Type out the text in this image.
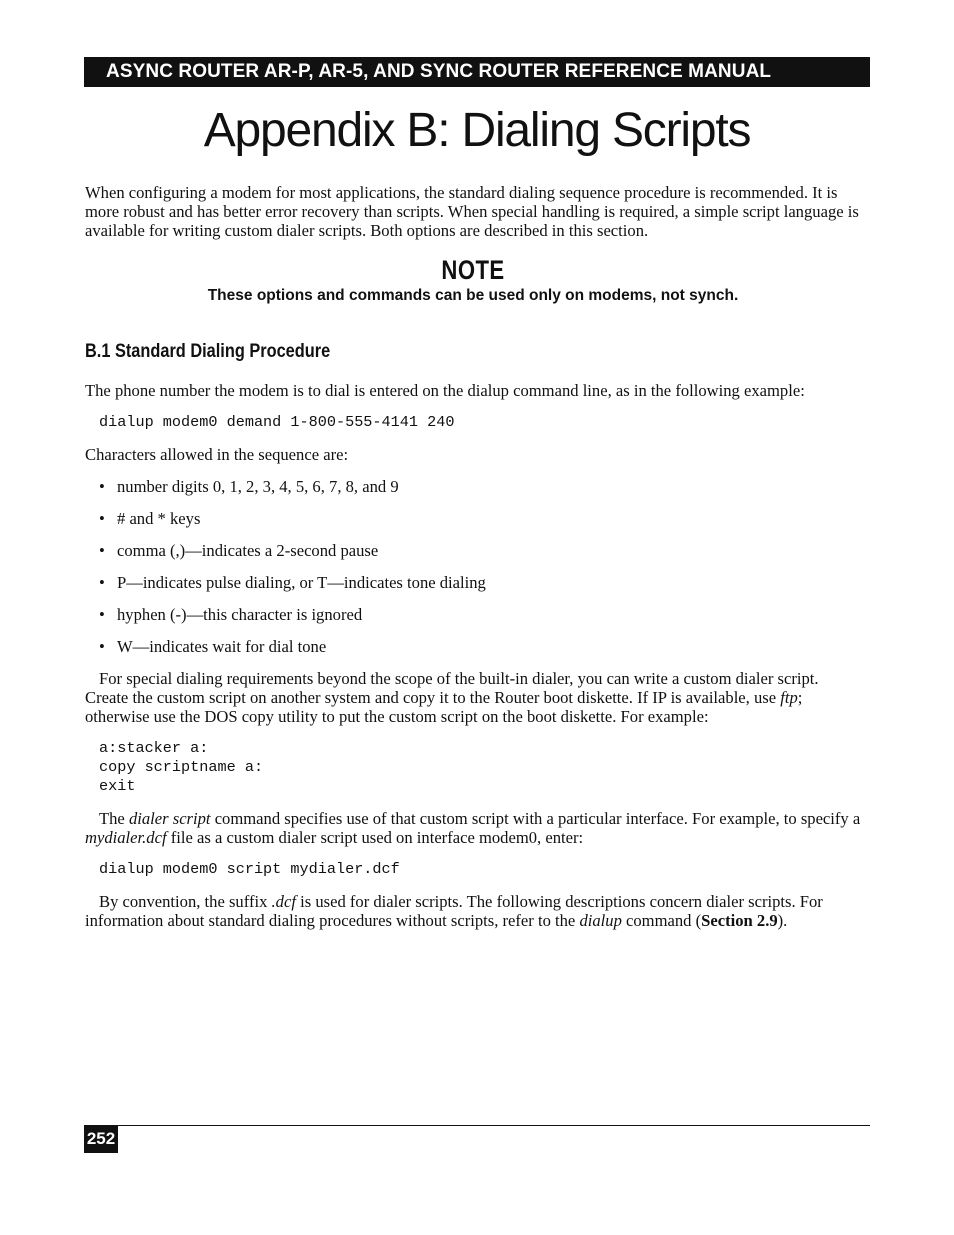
ASYNC ROUTER AR-P, AR-5, AND SYNC ROUTER REFERENCE MANUAL
Appendix B: Dialing Scripts

When configuring a modem for most applications, the standard dialing sequence procedure is recommended. It is more robust and has better error recovery than scripts. When special handling is required, a simple script language is available for writing custom dialer scripts. Both options are described in this section.

NOTE
These options and commands can be used only on modems, not synch.
B.1 Standard Dialing Procedure

The phone number the modem is to dial is entered on the dialup command line, as in the following example:

dialup modem0 demand 1-800-555-4141 240

Characters allowed in the sequence are:

• number digits 0, 1, 2, 3, 4, 5, 6, 7, 8, and 9
• # and * keys
• comma (,)—indicates a 2-second pause
• P—indicates pulse dialing, or T—indicates tone dialing
• hyphen (-)—this character is ignored
• W—indicates wait for dial tone

For special dialing requirements beyond the scope of the built-in dialer, you can write a custom dialer script. Create the custom script on another system and copy it to the Router boot diskette. If IP is available, use ftp; otherwise use the DOS copy utility to put the custom script on the boot diskette. For example:

a:stacker a:
copy scriptname a:
exit

The dialer script command specifies use of that custom script with a particular interface. For example, to specify a mydialer.dcf file as a custom dialer script used on interface modem0, enter:

dialup modem0 script mydialer.dcf

By convention, the suffix .dcf is used for dialer scripts. The following descriptions concern dialer scripts. For information about standard dialing procedures without scripts, refer to the dialup command (Section 2.9).

252
